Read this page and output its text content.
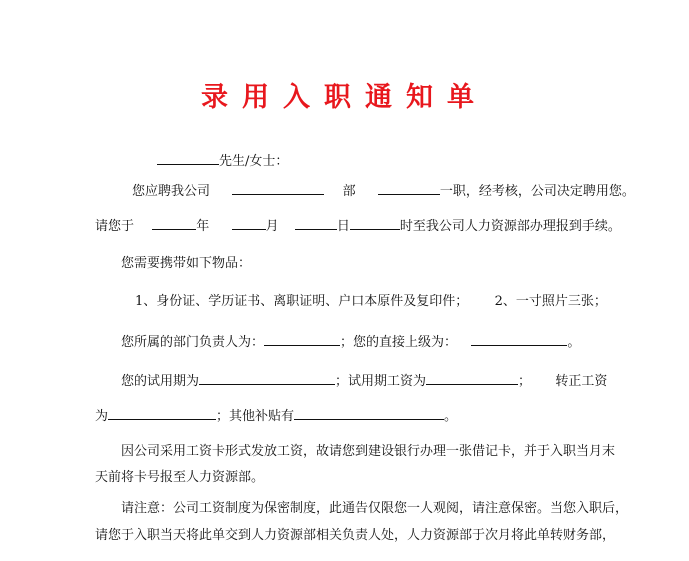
录用入职通知单
先生/女士：
您应聘我公司	部	一职，经考核，公司决定聘用您。
请您于	年	月	日	时至我公司人力资源部办理报到手续。
您需要携带如下物品：
1、身份证、学历证书、离职证明、户口本原件及复印件； 2、一寸照片三张；
您所属的部门负责人为：	；您的直接上级为：	。
您的试用期为	；试用期工资为	； 转正工资
为	；其他补贴有	。
因公司采用工资卡形式发放工资，故请您到建设银行办理一张借记卡，并于入职当月末
天前将卡号报至人力资源部。
请注意：公司工资制度为保密制度，此通告仅限您一人观阅，请注意保密。当您入职后，
请您于入职当天将此单交到人力资源部相关负责人处，人力资源部于次月将此单转财务部，
